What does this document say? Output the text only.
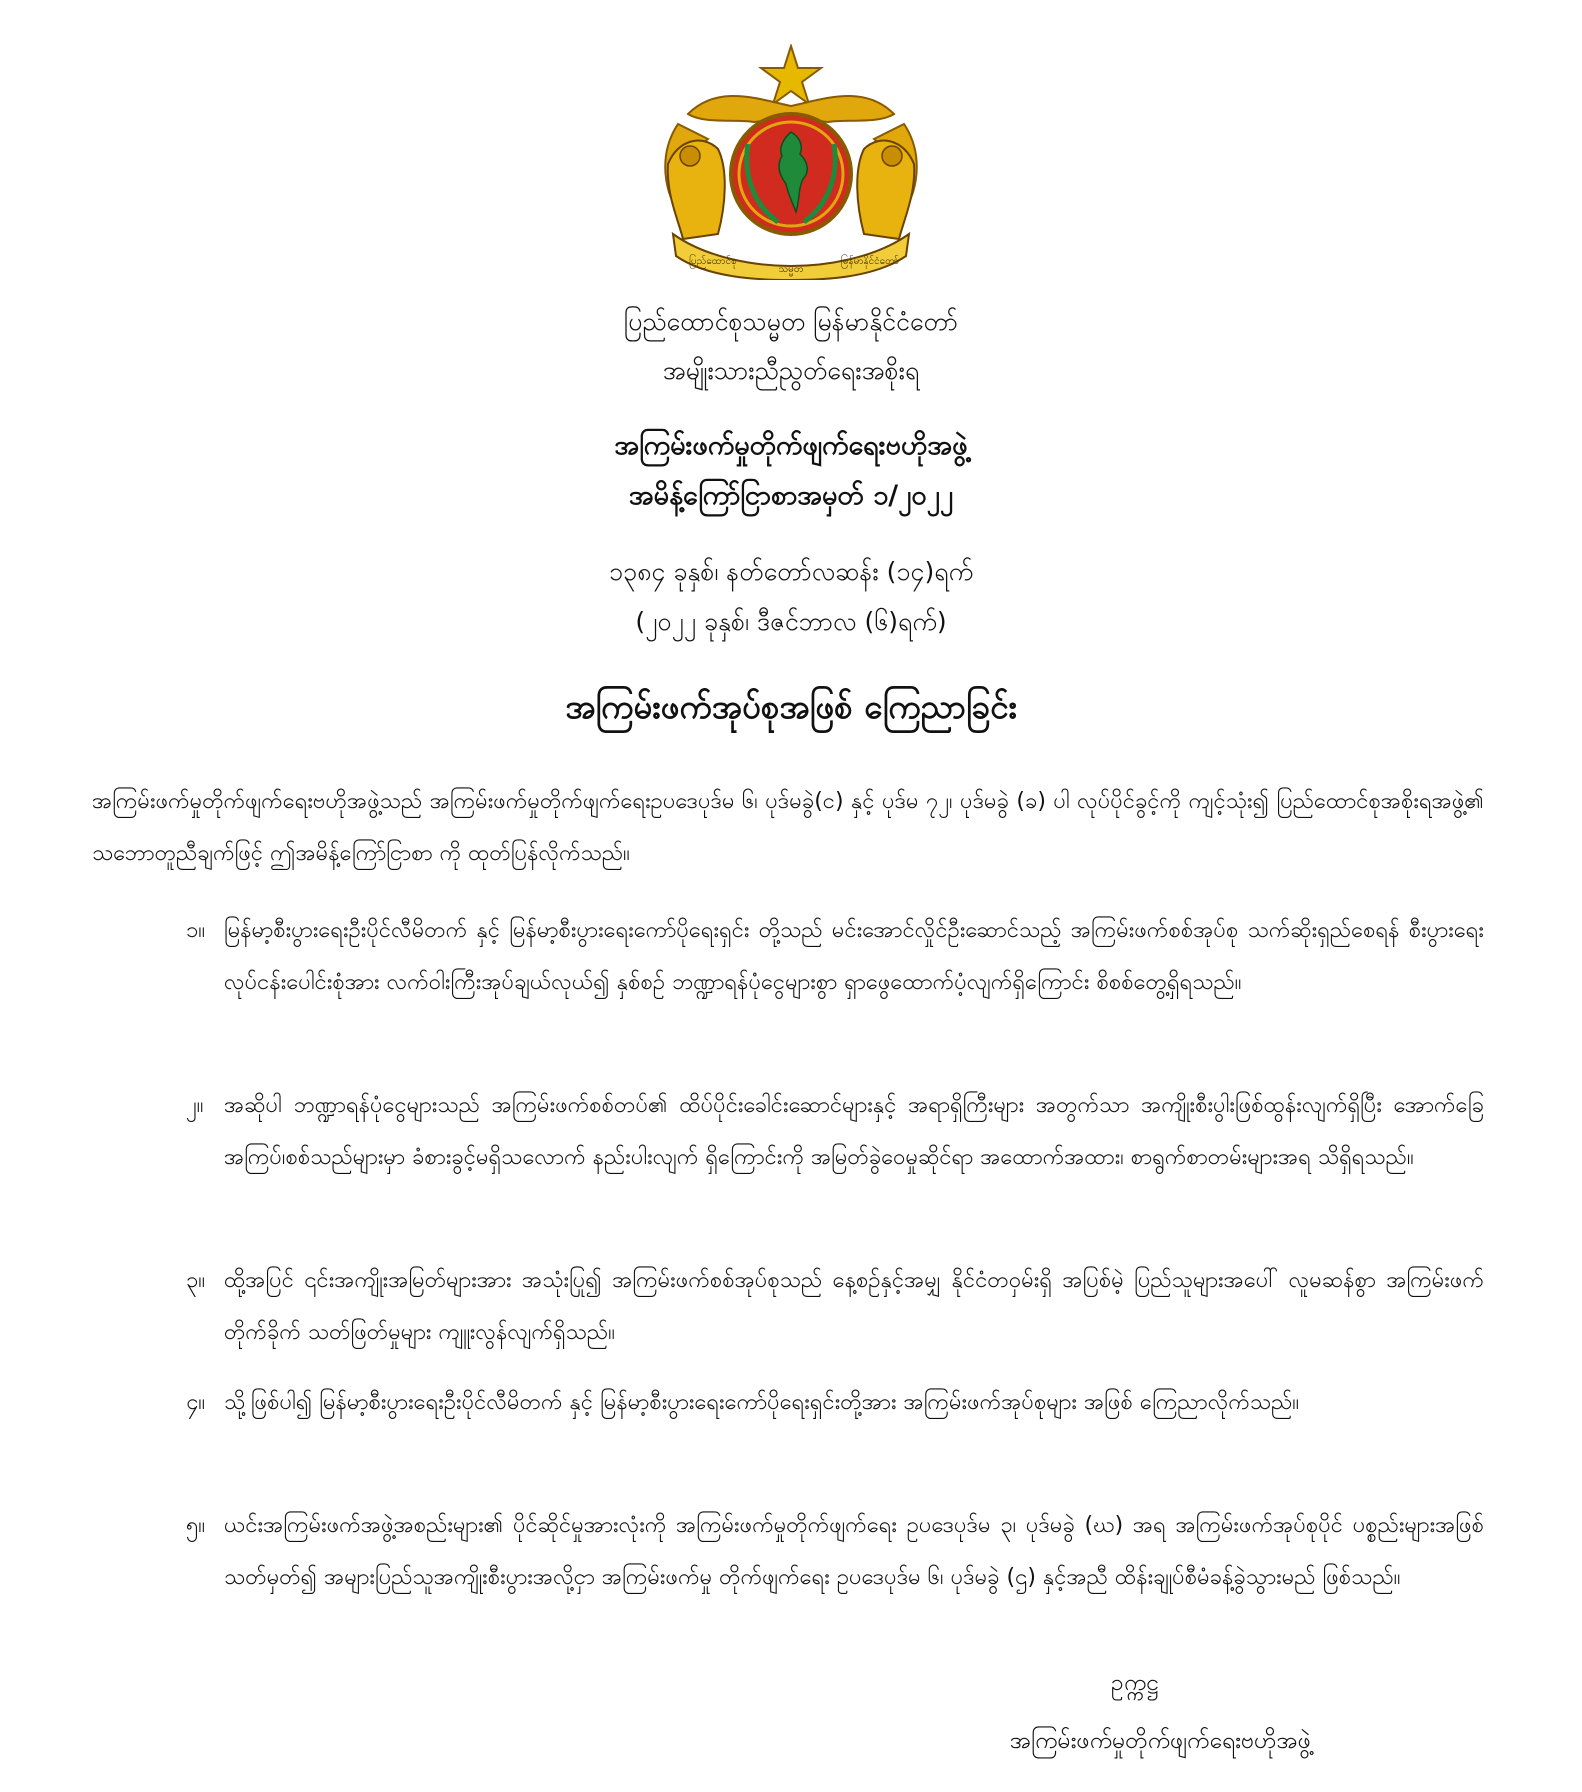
ပြည်ထောင်စု
သမ္မတ
မြန်မာနိုင်ငံတော်
ပြည်ထောင်စုသမ္မတ မြန်မာနိုင်ငံတော်
အမျိုးသားညီညွတ်ရေးအစိုးရ
အကြမ်းဖက်မှုတိုက်ဖျက်ရေးဗဟိုအဖွဲ့
အမိန့်ကြော်ငြာစာအမှတ် ၁/၂၀၂၂
၁၃၈၄ ခုနှစ်၊ နတ်တော်လဆန်း (၁၄)ရက်
(၂၀၂၂ ခုနှစ်၊ ဒီဇင်ဘာလ (၆)ရက်)
အကြမ်းဖက်အုပ်စုအဖြစ် ကြေညာခြင်း
အကြမ်းဖက်မှုတိုက်ဖျက်ရေးဗဟိုအဖွဲ့သည် အကြမ်းဖက်မှုတိုက်ဖျက်ရေးဥပဒေပုဒ်မ ၆၊ ပုဒ်မခွဲ(င) နှင့် ပုဒ်မ ၇၂၊ ပုဒ်မခွဲ (ခ) ပါ လုပ်ပိုင်ခွင့်ကို ကျင့်သုံး၍ ပြည်ထောင်စုအစိုးရအဖွဲ့၏ သဘောတူညီချက်ဖြင့် ဤအမိန့်ကြော်ငြာစာ ကို ထုတ်ပြန်လိုက်သည်။
၁။ မြန်မာ့စီးပွားရေးဦးပိုင်လီမိတက် နှင့် မြန်မာ့စီးပွားရေးကော်ပိုရေးရှင်း တို့သည် မင်းအောင်လှိုင်ဦးဆောင်သည့် အကြမ်းဖက်စစ်အုပ်စု သက်ဆိုးရှည်စေရန် စီးပွားရေးလုပ်ငန်းပေါင်းစုံအား လက်ဝါးကြီးအုပ်ချယ်လုယ်၍ နှစ်စဉ် ဘဏ္ဍာရန်ပုံငွေများစွာ ရှာဖွေထောက်ပံ့လျက်ရှိကြောင်း စိစစ်တွေ့ရှိရသည်။
၂။ အဆိုပါ ဘဏ္ဍာရန်ပုံငွေများသည် အကြမ်းဖက်စစ်တပ်၏ ထိပ်ပိုင်းခေါင်းဆောင်များနှင့် အရာရှိကြီးများ အတွက်သာ အကျိုးစီးပွါးဖြစ်ထွန်းလျက်ရှိပြီး အောက်ခြေအကြပ်၊စစ်သည်များမှာ ခံစားခွင့်မရှိသလောက် နည်းပါးလျက် ရှိကြောင်းကို အမြတ်ခွဲဝေမှုဆိုင်ရာ အထောက်အထား၊ စာရွက်စာတမ်းများအရ သိရှိရသည်။
၃။ ထို့အပြင် ၎င်းအကျိုးအမြတ်များအား အသုံးပြု၍ အကြမ်းဖက်စစ်အုပ်စုသည် နေ့စဉ်နှင့်အမျှ နိုင်ငံတဝှမ်းရှိ အပြစ်မဲ့ ပြည်သူများအပေါ် လူမဆန်စွာ အကြမ်းဖက်တိုက်ခိုက် သတ်ဖြတ်မှုများ ကျူးလွန်လျက်ရှိသည်။
၄။ သို့ဖြစ်ပါ၍ မြန်မာ့စီးပွားရေးဦးပိုင်လီမိတက် နှင့် မြန်မာ့စီးပွားရေးကော်ပိုရေးရှင်းတို့အား အကြမ်းဖက်အုပ်စုများ အဖြစ် ကြေညာလိုက်သည်။
၅။ ယင်းအကြမ်းဖက်အဖွဲ့အစည်းများ၏ ပိုင်ဆိုင်မှုအားလုံးကို အကြမ်းဖက်မှုတိုက်ဖျက်ရေး ဥပဒေပုဒ်မ ၃၊ ပုဒ်မခွဲ (ဃ) အရ အကြမ်းဖက်အုပ်စုပိုင် ပစ္စည်းများအဖြစ် သတ်မှတ်၍ အများပြည်သူအကျိုးစီးပွားအလို့ငှာ အကြမ်းဖက်မှု တိုက်ဖျက်ရေး ဥပဒေပုဒ်မ ၆၊ ပုဒ်မခွဲ (ဌ) နှင့်အညီ ထိန်းချုပ်စီမံခန့်ခွဲသွားမည် ဖြစ်သည်။
ဥက္ကဋ္ဌ
အကြမ်းဖက်မှုတိုက်ဖျက်ရေးဗဟိုအဖွဲ့
